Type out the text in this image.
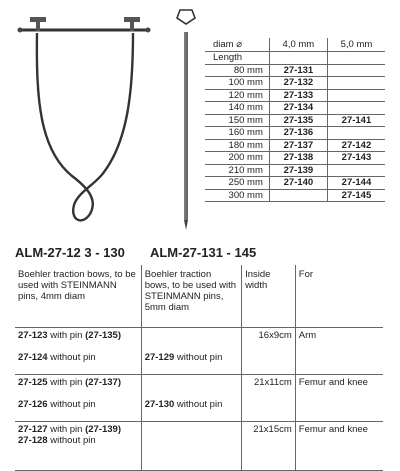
diam ⌀	4,0 mm	5,0 mm
Length		
80 mm	27-131	
100 mm	27-132	
120 mm	27-133	
140 mm	27-134	
150 mm	27-135	27-141
160 mm	27-136	
180 mm	27-137	27-142
200 mm	27-138	27-143
210 mm	27-139	
250 mm	27-140	27-144
300 mm		27-145
ALM-27-12 3 - 130 ALM-27-131 - 145
Boehler traction bows, to be used with STEINMANN pins, 4mm diam	Boehler traction bows, to be used with STEINMANN pins, 5mm diam	Inside width	For

27-123 with pin (27-135)
27-124 without pin	27-129 without pin	16x9cm	Arm

27-125 with pin (27-137)
27-126 without pin	27-130 without pin	21x11cm	Femur and knee

27-127 with pin (27-139)
27-128 without pin		21x15cm	Femur and knee
